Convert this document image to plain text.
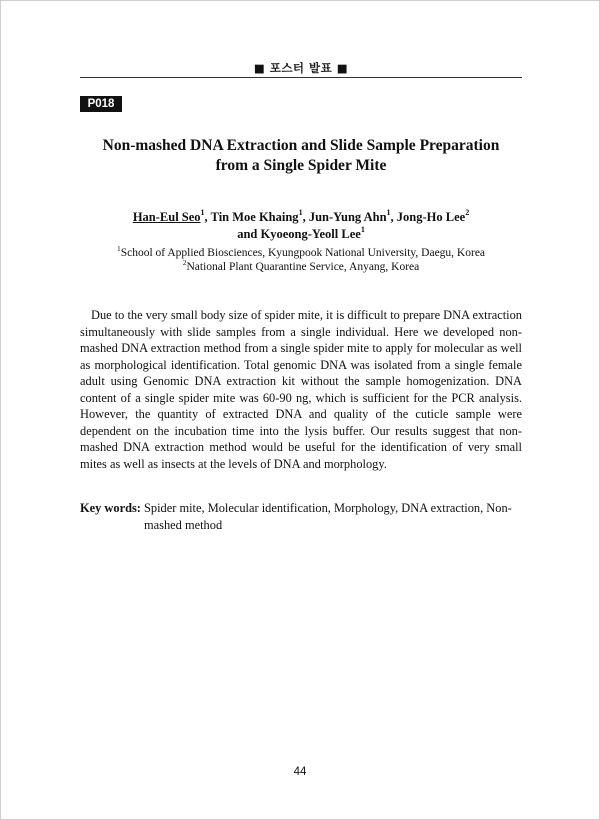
■ 포스터 발표 ■
P018
Non-mashed DNA Extraction and Slide Sample Preparation
from a Single Spider Mite
Han-Eul Seo$^1$, Tin Moe Khaing$^1$, Jun-Yung Ahn$^1$, Jong-Ho Lee$^2$
and Kyoeong-Yeoll Lee$^1$
$^1$School of Applied Biosciences, Kyungpook National University, Daegu, Korea
$^2$National Plant Quarantine Service, Anyang, Korea

Due to the very small body size of spider mite, it is difficult to prepare DNA extraction simultaneously with slide samples from a single individual. Here we developed non-mashed DNA extraction method from a single spider mite to apply for molecular as well as morphological identification. Total genomic DNA was isolated from a single female adult using Genomic DNA extraction kit without the sample homogenization. DNA content of a single spider mite was 60-90 ng, which is sufficient for the PCR analysis. However, the quantity of extracted DNA and quality of the cuticle sample were dependent on the incubation time into the lysis buffer. Our results suggest that non-mashed DNA extraction method would be useful for the identification of very small mites as well as insects at the levels of DNA and morphology.

Key words:
Spider mite, Molecular identification, Morphology, DNA extraction, Non-mashed method
44
